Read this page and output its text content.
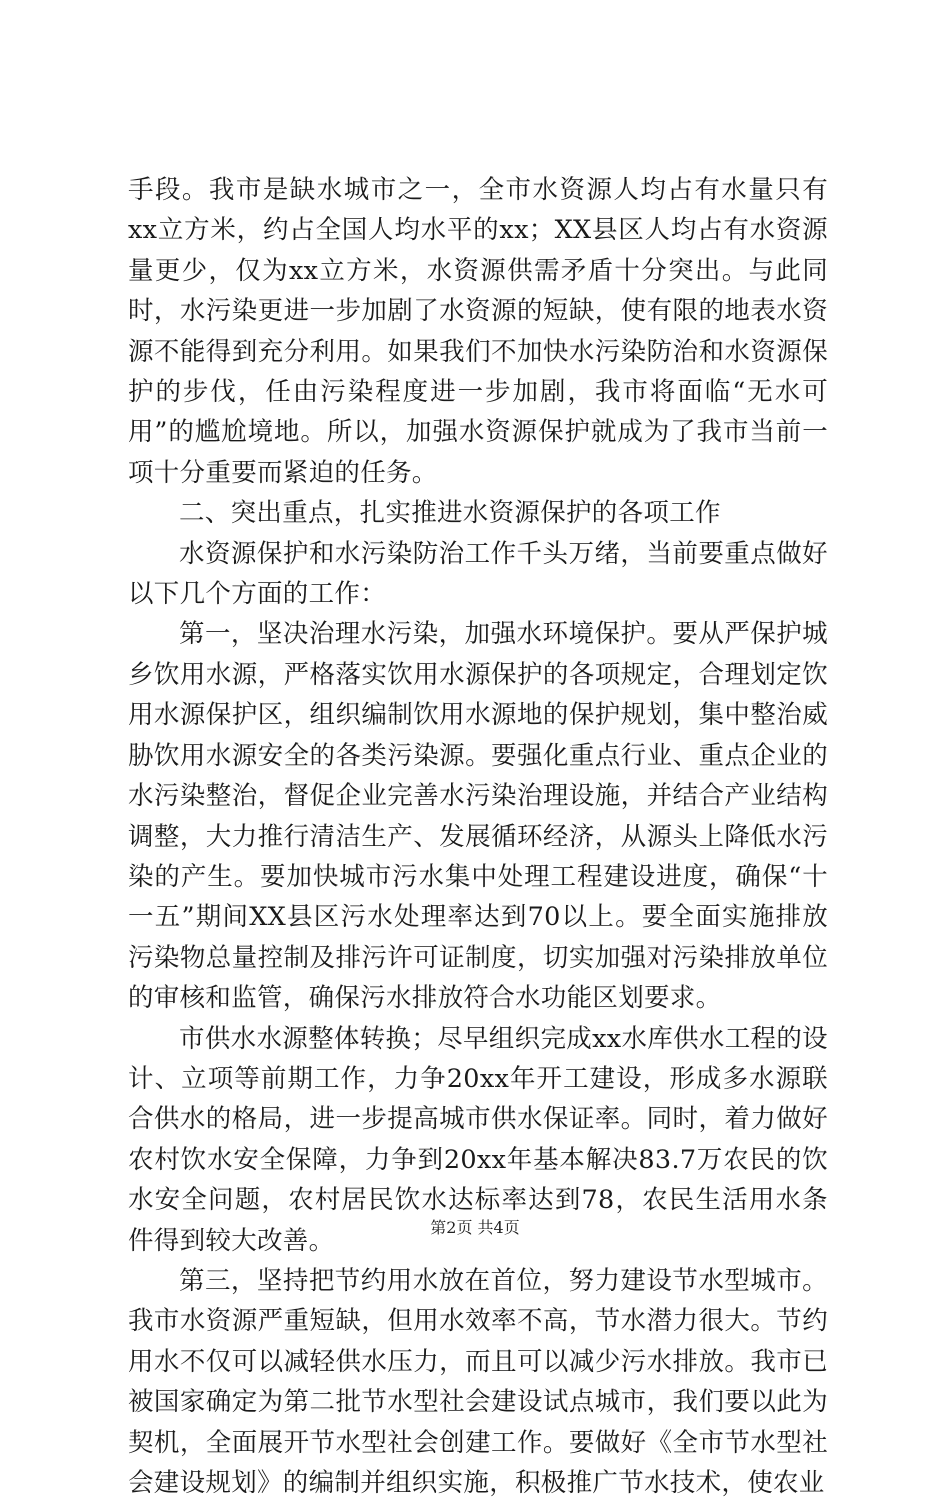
手段。我市是缺水城市之一，全市水资源人均占有水量只有xx立方米，约占全国人均水平的xx；XX县区人均占有水资源量更少，仅为xx立方米，水资源供需矛盾十分突出。与此同时，水污染更进一步加剧了水资源的短缺，使有限的地表水资源不能得到充分利用。如果我们不加快水污染防治和水资源保护的步伐，任由污染程度进一步加剧，我市将面临“无水可用”的尴尬境地。所以，加强水资源保护就成为了我市当前一项十分重要而紧迫的任务。

二、突出重点，扎实推进水资源保护的各项工作

水资源保护和水污染防治工作千头万绪，当前要重点做好以下几个方面的工作：

第一，坚决治理水污染，加强水环境保护。要从严保护城乡饮用水源，严格落实饮用水源保护的各项规定，合理划定饮用水源保护区，组织编制饮用水源地的保护规划，集中整治威胁饮用水源安全的各类污染源。要强化重点行业、重点企业的水污染整治，督促企业完善水污染治理设施，并结合产业结构调整，大力推行清洁生产、发展循环经济，从源头上降低水污染的产生。要加快城市污水集中处理工程建设进度，确保“十一五”期间XX县区污水处理率达到70以上。要全面实施排放污染物总量控制及排污许可证制度，切实加强对污染排放单位的审核和监管，确保污水排放符合水功能区划要求。

市供水水源整体转换；尽早组织完成xx水库供水工程的设计、立项等前期工作，力争20xx年开工建设，形成多水源联合供水的格局，进一步提高城市供水保证率。同时，着力做好农村饮水安全保障，力争到20xx年基本解决83.7万农民的饮水安全问题，农村居民饮水达标率达到78，农民生活用水条件得到较大改善。

第三，坚持把节约用水放在首位，努力建设节水型城市。我市水资源严重短缺，但用水效率不高，节水潜力很大。节约用水不仅可以减轻供水压力，而且可以减少污水排放。我市已被国家确定为第二批节水型社会建设试点城市，我们要以此为契机，全面展开节水型社会创建工作。要做好《全市节水型社会建设规划》的编制并组织实施，积极推广节水技术，使农业

第2页 共4页
